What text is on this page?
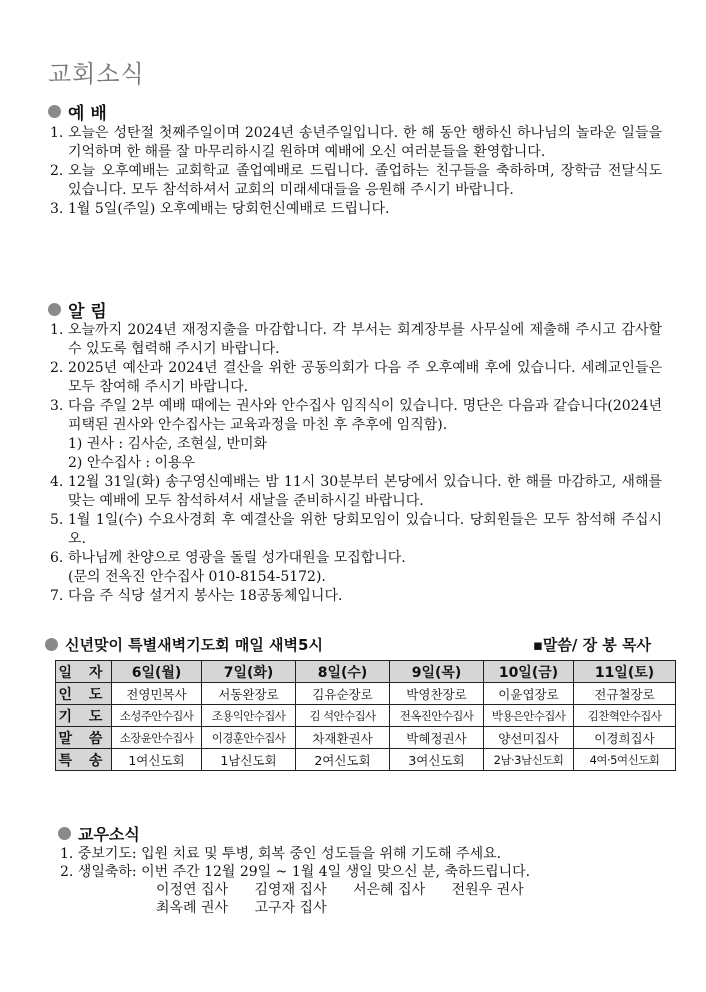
교회소식
예 배
1. 오늘은 성탄절 첫째주일이며 2024년 송년주일입니다. 한 해 동안 행하신 하나님의 놀라운 일들을 기억하며 한 해를 잘 마무리하시길 원하며 예배에 오신 여러분들을 환영합니다.
2. 오늘 오후예배는 교회학교 졸업예배로 드립니다. 졸업하는 친구들을 축하하며, 장학금 전달식도 있습니다. 모두 참석하셔서 교회의 미래세대들을 응원해 주시기 바랍니다.
3. 1월 5일(주일) 오후예배는 당회헌신예배로 드립니다.
알 림
1. 오늘까지 2024년 재정지출을 마감합니다. 각 부서는 회계장부를 사무실에 제출해 주시고 감사할 수 있도록 협력해 주시기 바랍니다.
2. 2025년 예산과 2024년 결산을 위한 공동의회가 다음 주 오후예배 후에 있습니다. 세례교인들은 모두 참여해 주시기 바랍니다.
3. 다음 주일 2부 예배 때에는 권사와 안수집사 임직식이 있습니다. 명단은 다음과 같습니다(2024년 피택된 권사와 안수집사는 교육과정을 마친 후 추후에 임직함).
1) 권사 : 김사순, 조현실, 반미화
2) 안수집사 : 이용우
4. 12월 31일(화) 송구영신예배는 밤 11시 30분부터 본당에서 있습니다. 한 해를 마감하고, 새해를 맞는 예배에 모두 참석하셔서 새날을 준비하시길 바랍니다.
5. 1월 1일(수) 수요사경회 후 예결산을 위한 당회모임이 있습니다. 당회원들은 모두 참석해 주십시오.
6. 하나님께 찬양으로 영광을 돌릴 성가대원을 모집합니다.
(문의 전옥진 안수집사 010-8154-5172).
7. 다음 주 식당 설거지 봉사는 18공동체입니다.
신년맞이 특별새벽기도회 매일 새벽5시	▪말씀/ 장 봉 목사
일 자	6일(월)	7일(화)	8일(수)	9일(목)	10일(금)	11일(토)
인 도	전영민목사	서동완장로	김유순장로	박영찬장로	이윤엽장로	전규철장로
기 도	소성주안수집사	조용익안수집사	김 석안수집사	전옥진안수집사	박용은안수집사	김찬혁안수집사
말 씀	소장윤안수집사	이경훈안수집사	차재환권사	박혜정권사	양선미집사	이경희집사
특 송	1여신도회	1남신도회	2여신도회	3여신도회	2남·3남신도회	4여·5여신도회
교우소식
1. 중보기도: 입원 치료 및 투병, 회복 중인 성도들을 위해 기도해 주세요.
2. 생일축하: 이번 주간 12월 29일 ~ 1월 4일 생일 맞으신 분, 축하드립니다.
이정연 집사 김영재 집사 서은혜 집사 전원우 권사
최옥례 권사 고구자 집사
